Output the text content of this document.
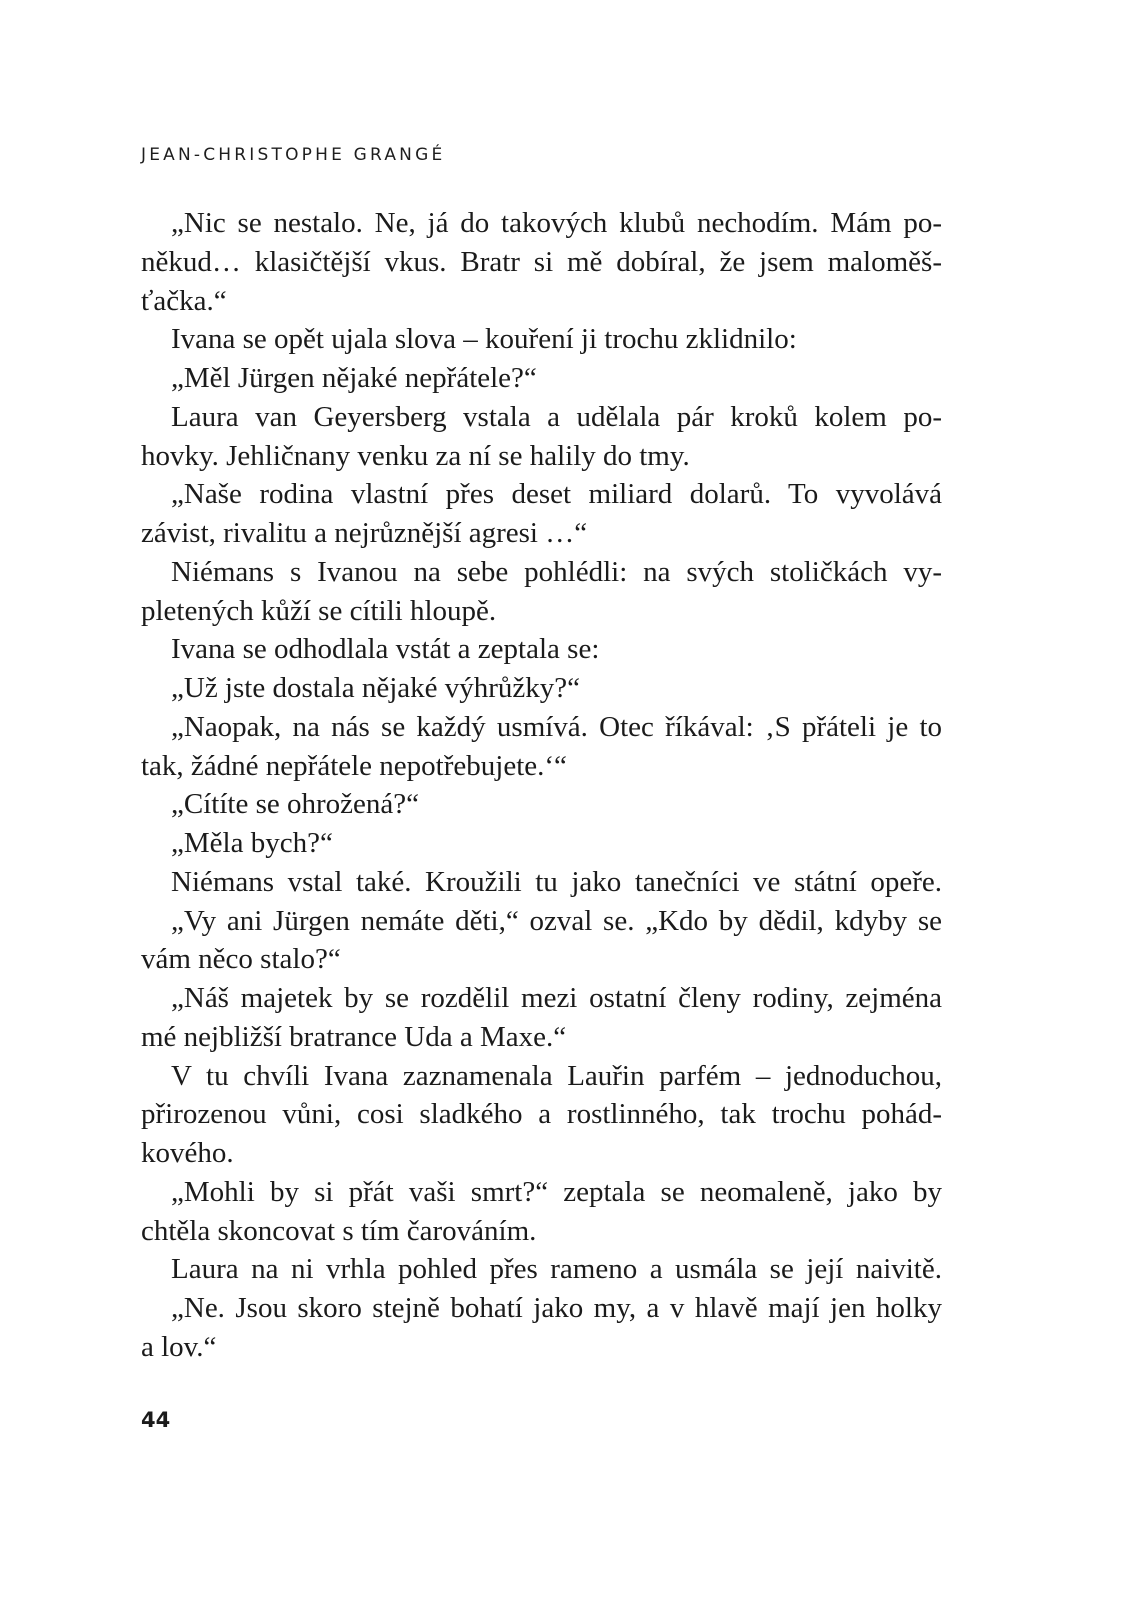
JEAN-CHRISTOPHE GRANGÉ
„Nic se nestalo. Ne, já do takových klubů nechodím. Mám po-
někud… klasičtější vkus. Bratr si mě dobíral, že jsem maloměš-
ťačka.“
Ivana se opět ujala slova – kouření ji trochu zklidnilo:
„Měl Jürgen nějaké nepřátele?“
Laura van Geyersberg vstala a udělala pár kroků kolem po-
hovky. Jehličnany venku za ní se halily do tmy.
„Naše rodina vlastní přes deset miliard dolarů. To vyvolává
závist, rivalitu a nejrůznější agresi …“
Niémans s Ivanou na sebe pohlédli: na svých stoličkách vy-
pletených kůží se cítili hloupě.
Ivana se odhodlala vstát a zeptala se:
„Už jste dostala nějaké výhrůžky?“
„Naopak, na nás se každý usmívá. Otec říkával: ‚S přáteli je to
tak, žádné nepřátele nepotřebujete.‘“
„Cítíte se ohrožená?“
„Měla bych?“
Niémans vstal také. Kroužili tu jako tanečníci ve státní opeře.
„Vy ani Jürgen nemáte děti,“ ozval se. „Kdo by dědil, kdyby se
vám něco stalo?“
„Náš majetek by se rozdělil mezi ostatní členy rodiny, zejména
mé nejbližší bratrance Uda a Maxe.“
V tu chvíli Ivana zaznamenala Lauřin parfém – jednoduchou,
přirozenou vůni, cosi sladkého a rostlinného, tak trochu pohád-
kového.
„Mohli by si přát vaši smrt?“ zeptala se neomaleně, jako by
chtěla skoncovat s tím čarováním.
Laura na ni vrhla pohled přes rameno a usmála se její naivitě.
„Ne. Jsou skoro stejně bohatí jako my, a v hlavě mají jen holky
a lov.“
44
